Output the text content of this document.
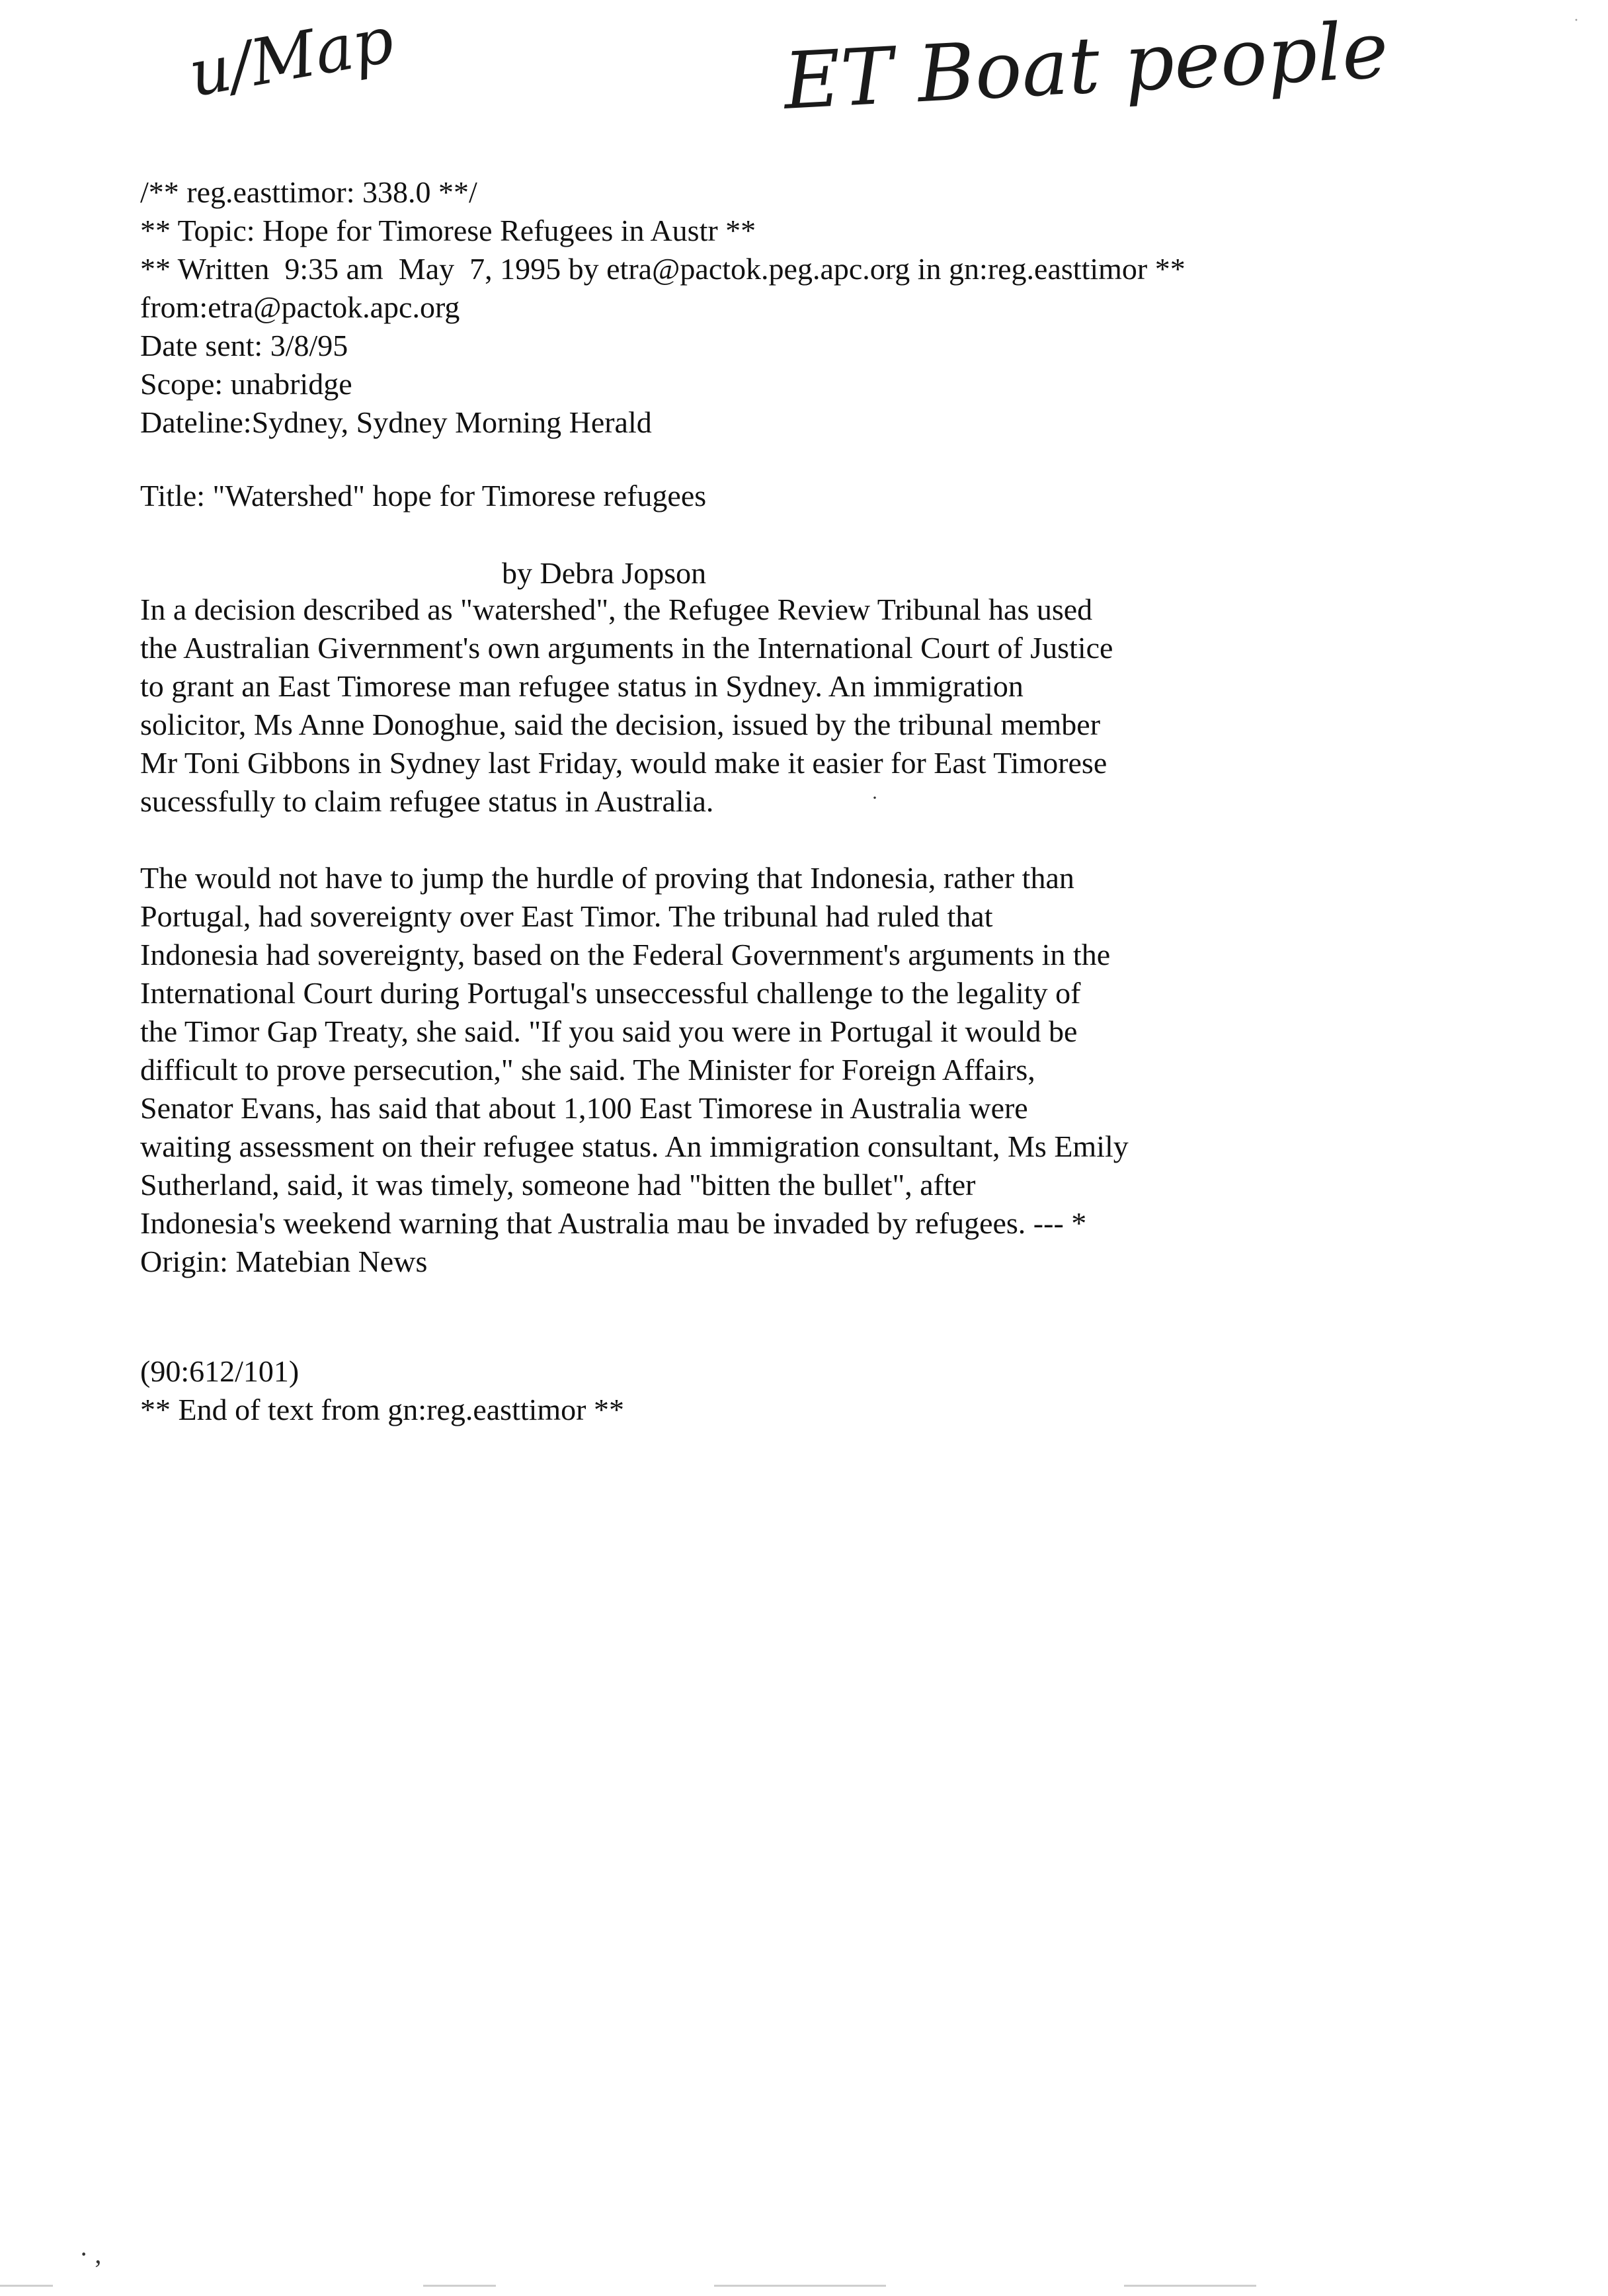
u/Map	ET Boat people	·
/** reg.easttimor: 338.0 **/
** Topic: Hope for Timorese Refugees in Austr **
** Written  9:35 am  May  7, 1995 by etra@pactok.peg.apc.org in gn:reg.easttimor **
from:etra@pactok.apc.org
Date sent: 3/8/95
Scope: unabridge
Dateline:Sydney, Sydney Morning Herald
Title: "Watershed" hope for Timorese refugees
by Debra Jopson
In a decision described as "watershed", the Refugee Review Tribunal has used
the Australian Givernment's own arguments in the International Court of Justice
to grant an East Timorese man refugee status in Sydney. An immigration
solicitor, Ms Anne Donoghue, said the decision, issued by the tribunal member
Mr Toni Gibbons in Sydney last Friday, would make it easier for East Timorese
sucessfully to claim refugee status in Australia.	·
The would not have to jump the hurdle of proving that Indonesia, rather than
Portugal, had sovereignty over East Timor. The tribunal had ruled that
Indonesia had sovereignty, based on the Federal Government's arguments in the
International Court during Portugal's unseccessful challenge to the legality of
the Timor Gap Treaty, she said. "If you said you were in Portugal it would be
difficult to prove persecution," she said. The Minister for Foreign Affairs,
Senator Evans, has said that about 1,100 East Timorese in Australia were
waiting assessment on their refugee status. An immigration consultant, Ms Emily
Sutherland, said, it was timely, someone had "bitten the bullet", after
Indonesia's weekend warning that Australia mau be invaded by refugees. --- *
Origin: Matebian News
(90:612/101)
** End of text from gn:reg.easttimor **
· ,
